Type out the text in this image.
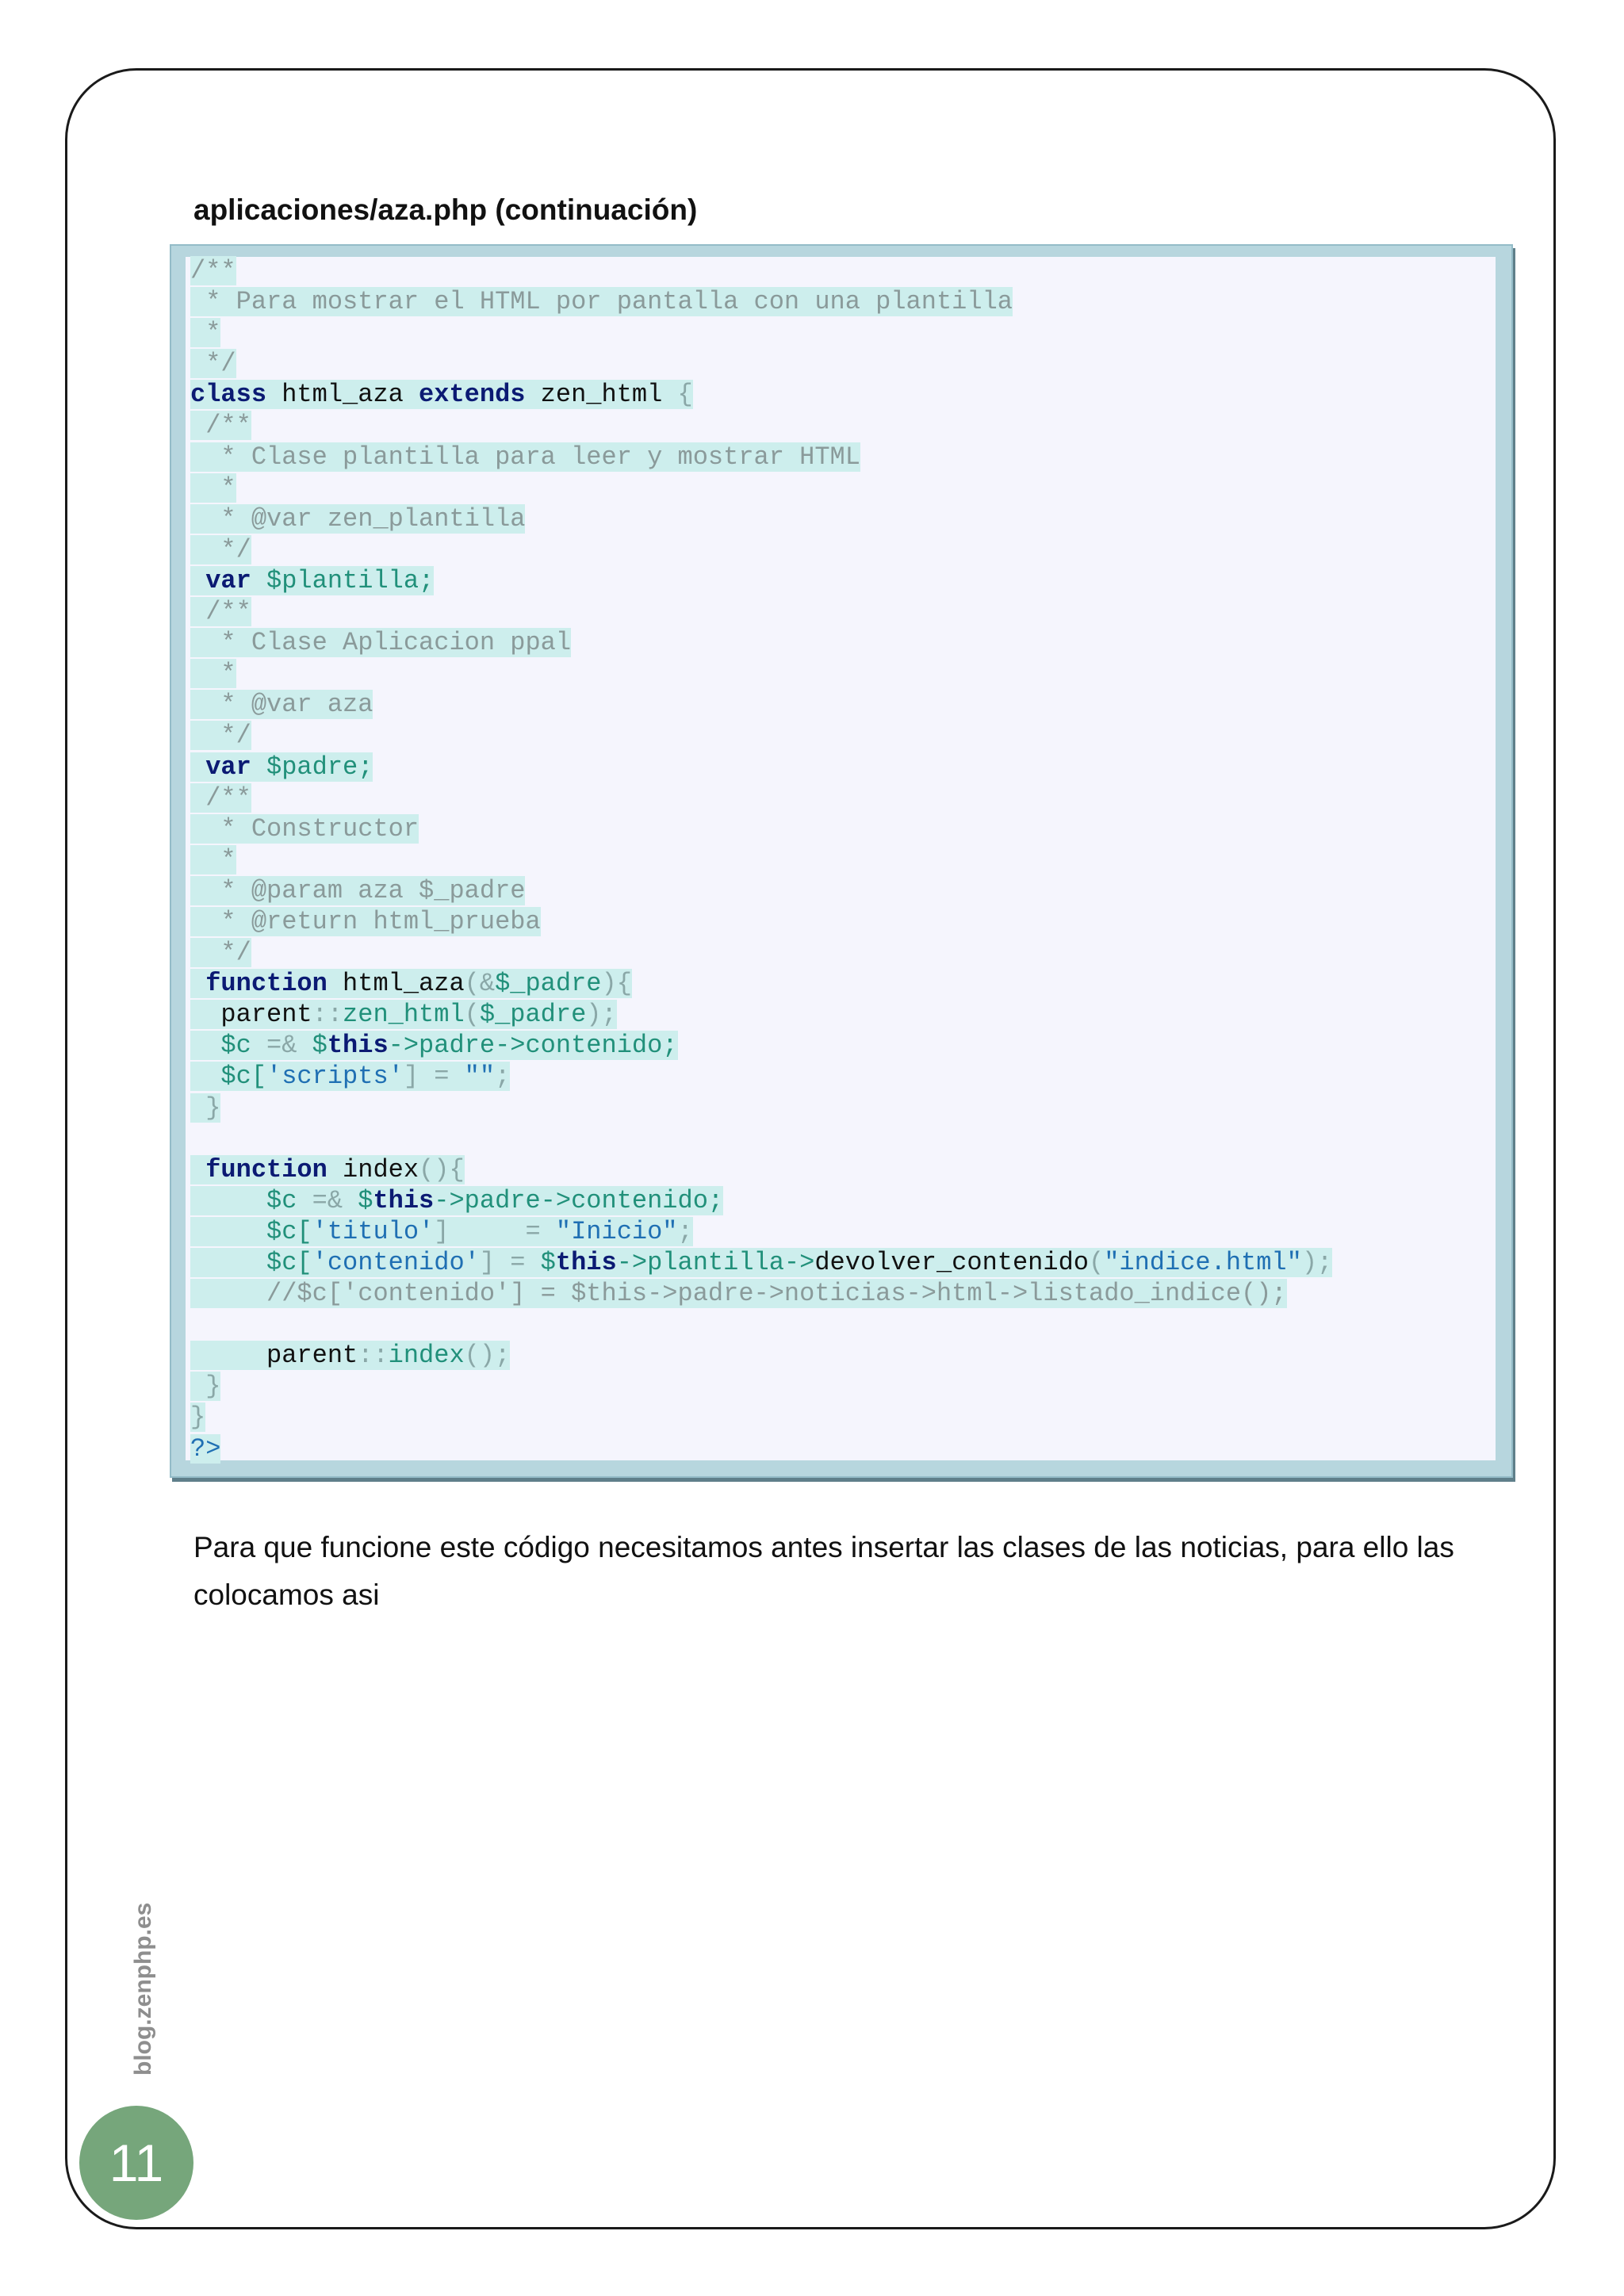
aplicaciones/aza.php (continuación)
/**
* Para mostrar el HTML por pantalla con una plantilla
*
*/
class html_aza extends zen_html {
/**
* Clase plantilla para leer y mostrar HTML
*
* @var zen_plantilla
*/
var $plantilla;
/**
* Clase Aplicacion ppal
*
* @var aza
*/
var $padre;
/**
* Constructor
*
* @param aza $_padre
* @return html_prueba
*/
function html_aza(&$_padre){
parent::zen_html($_padre);
$c =& $this->padre->contenido;
$c['scripts'] = "";
}
function index(){
$c =& $this->padre->contenido;
$c['titulo']     = "Inicio";
$c['contenido'] = $this->plantilla->devolver_contenido("indice.html");
//$c['contenido'] = $this->padre->noticias->html->listado_indice();
parent::index();
}
}
?>
Para que funcione este código necesitamos antes insertar las clases de las noticias, para ello las colocamos asi
blog.zenphp.es
11
